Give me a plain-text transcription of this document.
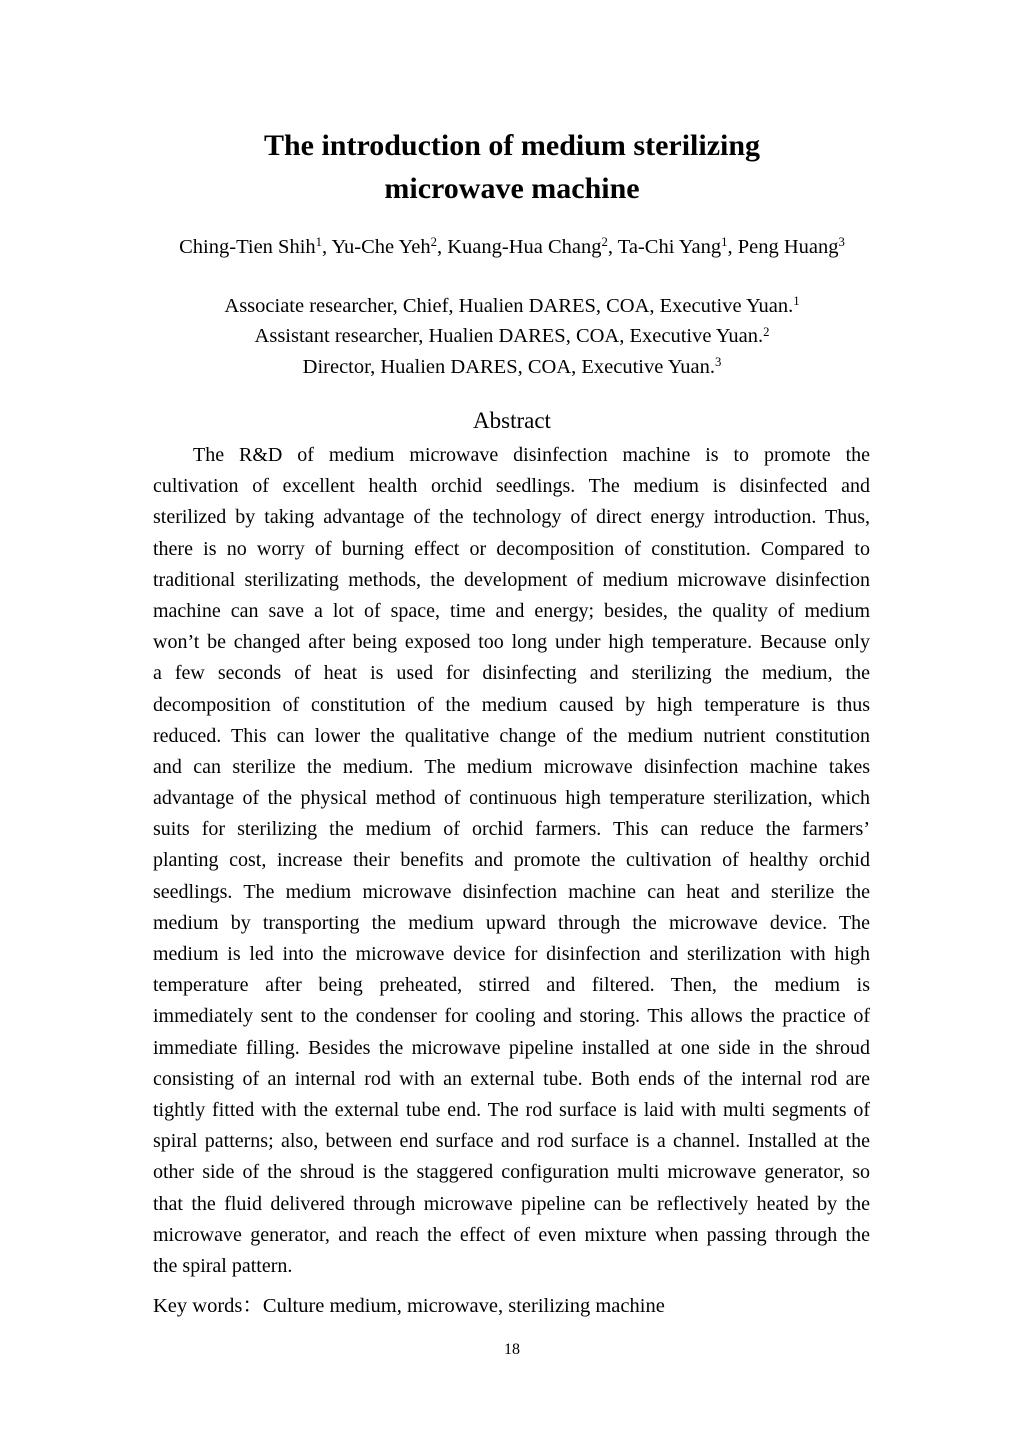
The introduction of medium sterilizing
microwave machine
Ching-Tien Shih$^1$, Yu-Che Yeh$^2$, Kuang-Hua Chang$^2$, Ta-Chi Yang$^1$, Peng Huang$^3$
Associate researcher, Chief, Hualien DARES, COA, Executive Yuan.$^1$
Assistant researcher, Hualien DARES, COA, Executive Yuan.$^2$
Director, Hualien DARES, COA, Executive Yuan.$^3$
Abstract
The R&D of medium microwave disinfection machine is to promote the
cultivation of excellent health orchid seedlings. The medium is disinfected and
sterilized by taking advantage of the technology of direct energy introduction. Thus,
there is no worry of burning effect or decomposition of constitution. Compared to
traditional sterilizating methods, the development of medium microwave disinfection
machine can save a lot of space, time and energy; besides, the quality of medium
won’t be changed after being exposed too long under high temperature. Because only
a few seconds of heat is used for disinfecting and sterilizing the medium, the
decomposition of constitution of the medium caused by high temperature is thus
reduced. This can lower the qualitative change of the medium nutrient constitution
and can sterilize the medium. The medium microwave disinfection machine takes
advantage of the physical method of continuous high temperature sterilization, which
suits for sterilizing the medium of orchid farmers. This can reduce the farmers’
planting cost, increase their benefits and promote the cultivation of healthy orchid
seedlings. The medium microwave disinfection machine can heat and sterilize the
medium by transporting the medium upward through the microwave device. The
medium is led into the microwave device for disinfection and sterilization with high
temperature after being preheated, stirred and filtered. Then, the medium is
immediately sent to the condenser for cooling and storing. This allows the practice of
immediate filling. Besides the microwave pipeline installed at one side in the shroud
consisting of an internal rod with an external tube. Both ends of the internal rod are
tightly fitted with the external tube end. The rod surface is laid with multi segments of
spiral patterns; also, between end surface and rod surface is a channel. Installed at the
other side of the shroud is the staggered configuration multi microwave generator, so
that the fluid delivered through microwave pipeline can be reflectively heated by the
microwave generator, and reach the effect of even mixture when passing through the
the spiral pattern.
Key words：Culture medium, microwave, sterilizing machine
18
